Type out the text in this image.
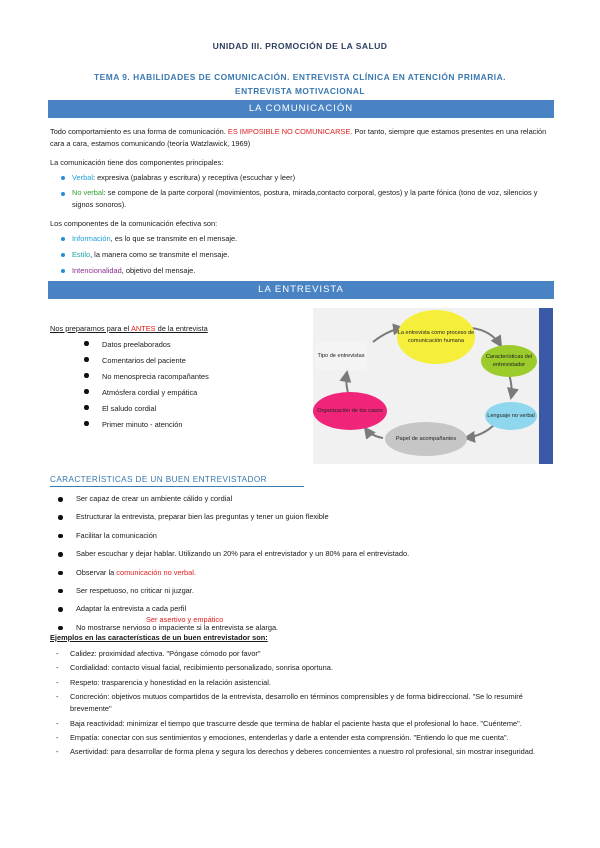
UNIDAD III. PROMOCIÓN DE LA SALUD
TEMA 9. HABILIDADES DE COMUNICACIÓN. ENTREVISTA CLÍNICA EN ATENCIÓN PRIMARIA.
ENTREVISTA MOTIVACIONAL
LA COMUNICACIÓN
Todo comportamiento es una forma de comunicación. ES IMPOSIBLE NO COMUNICARSE. Por tanto, siempre que estamos presentes en una relación cara a cara, estamos comunicando (teoría Watzlawick, 1969)
La comunicación tiene dos componentes principales:
Verbal: expresiva (palabras y escritura) y receptiva (escuchar y leer)
No verbal: se compone de la parte corporal (movimientos, postura, mirada,contacto corporal, gestos) y la parte fónica (tono de voz, silencios y signos sonoros).
Los componentes de la comunicación efectiva son:
Información, es lo que se transmite en el mensaje.
Estilo, la manera como se transmite el mensaje.
Intencionalidad, objetivo del mensaje.
LA ENTREVISTA
Nos preparamos para el ANTES de la entrevista
Datos preelaborados
Comentarios del paciente
No menosprecia racompañantes
Atmósfera cordial y empática
El saludo cordial
Primer minuto - atención
La entrevista como proceso de comunicación humana
Características del entrevistador
Lenguaje no verbal
Papel de acompañantes
Organización de los casos
Tipo de entrevistas
CARACTERÍSTICAS DE UN BUEN ENTREVISTADOR
Ser capaz de crear un ambiente cálido y cordial
Estructurar la entrevista, preparar bien las preguntas y tener un guion flexible
Facilitar la comunicación
Saber escuchar y dejar hablar. Utilizando un 20% para el entrevistador y un 80% para el entrevistado.
Observar la comunicación no verbal.
Ser respetuoso, no criticar ni juzgar.
Adaptar la entrevista a cada perfil
No mostrarse nervioso o impaciente si la entrevista se alarga.
Ejemplos en las características de un buen entrevistador son:
- Calidez: proximidad afectiva. "Póngase cómodo por favor"
- Cordialidad: contacto visual facial, recibimiento personalizado, sonrisa oportuna.
- Respeto: trasparencia y honestidad en la relación asistencial.
- Concreción: objetivos mutuos compartidos de la entrevista, desarrollo en términos comprensibles y de forma bidireccional. "Se lo resumiré brevemente"
- Baja reactividad: minimizar el tiempo que trascurre desde que termina de hablar el paciente hasta que el profesional lo hace. "Cuénteme".
- Empatía: conectar con sus sentimientos y emociones, entenderlas y darle a entender esta comprensión. "Entiendo lo que me cuenta".
- Asertividad: para desarrollar de forma plena y segura los derechos y deberes concernientes a nuestro rol profesional, sin mostrar inseguridad.
Ser asertivo y empático
